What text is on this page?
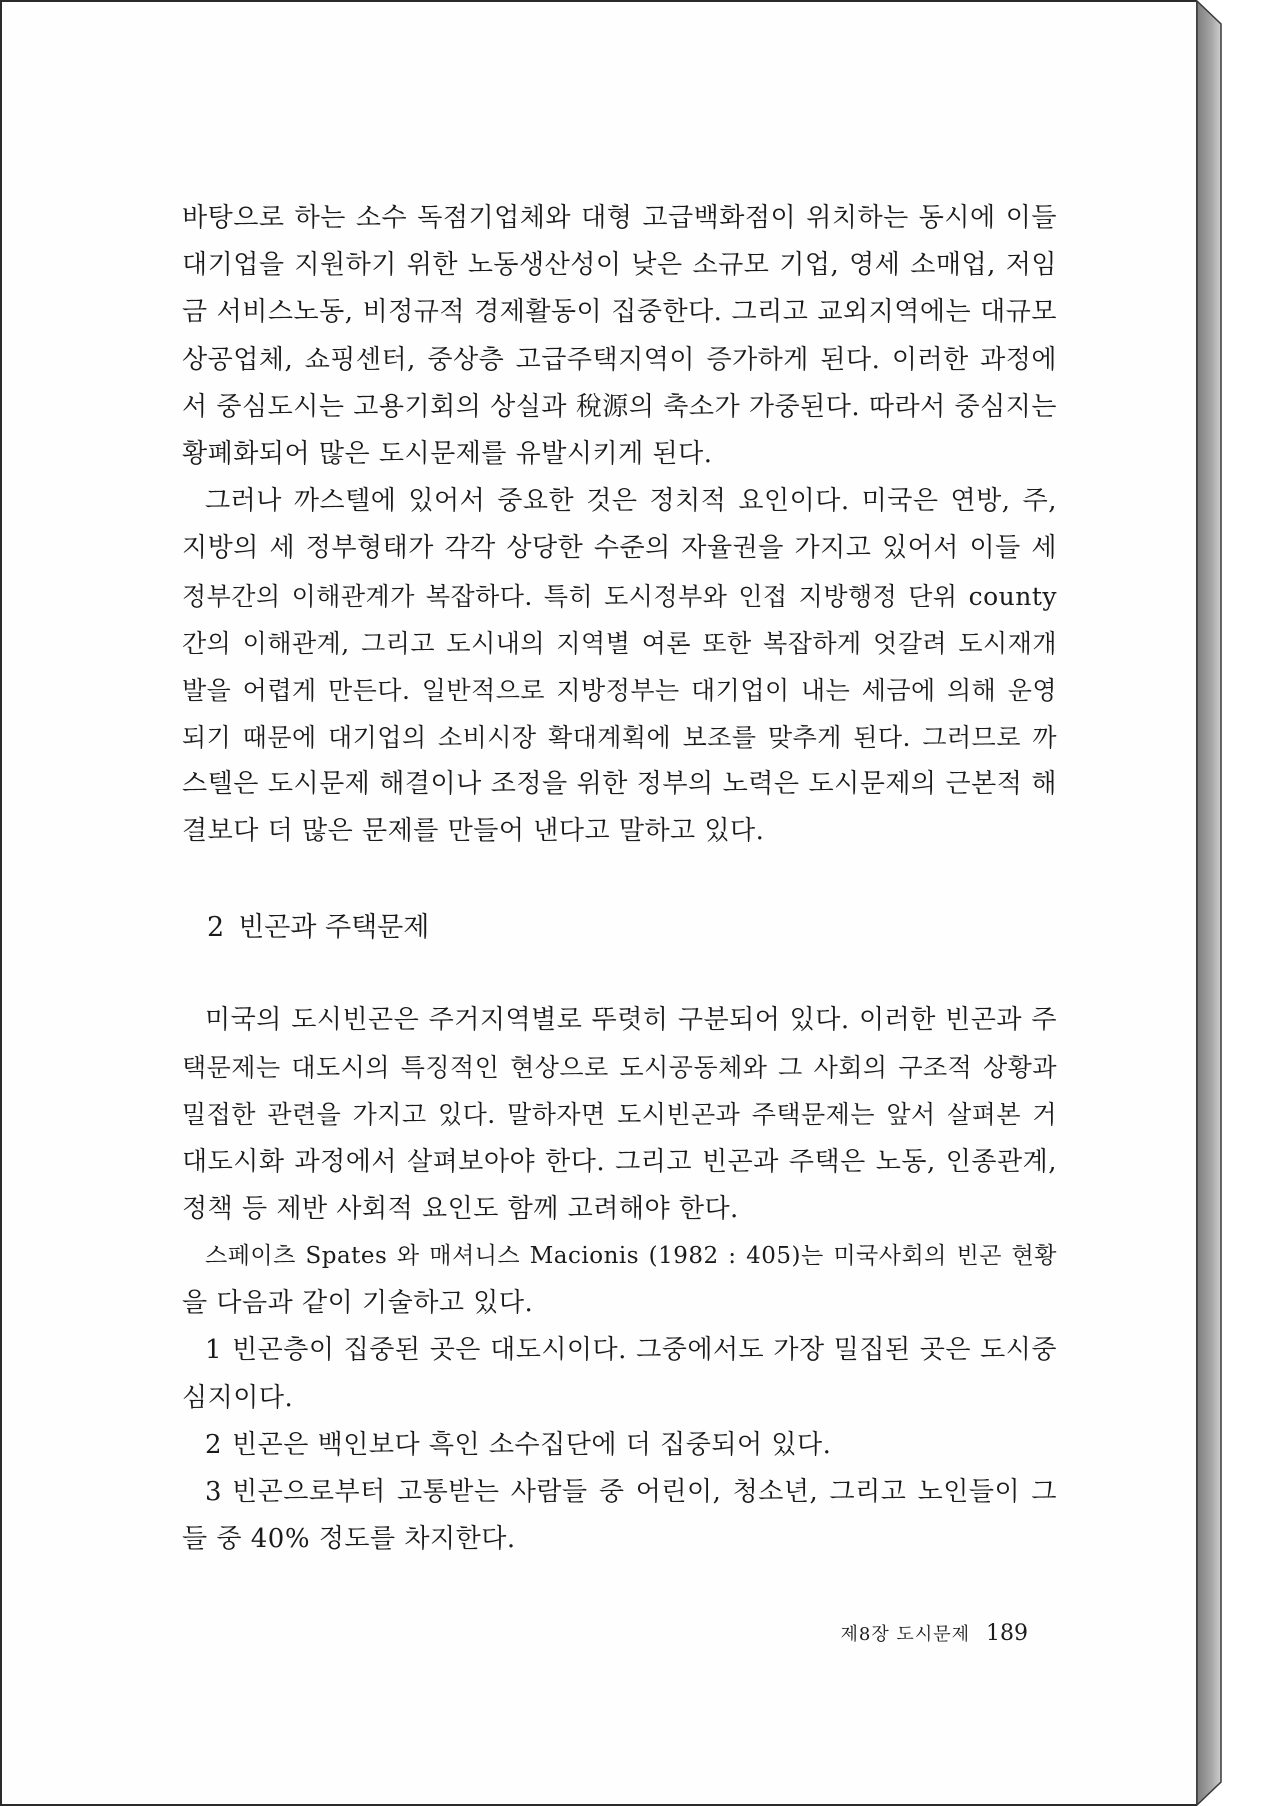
바탕으로 하는 소수 독점기업체와 대형 고급백화점이 위치하는 동시에 이들
대기업을 지원하기 위한 노동생산성이 낮은 소규모 기업, 영세 소매업, 저임
금 서비스노동, 비정규적 경제활동이 집중한다. 그리고 교외지역에는 대규모
상공업체, 쇼핑센터, 중상층 고급주택지역이 증가하게 된다. 이러한 과정에
서 중심도시는 고용기회의 상실과 稅源의 축소가 가중된다. 따라서 중심지는
황폐화되어 많은 도시문제를 유발시키게 된다.
그러나 까스텔에 있어서 중요한 것은 정치적 요인이다. 미국은 연방, 주,
지방의 세 정부형태가 각각 상당한 수준의 자율권을 가지고 있어서 이들 세
정부간의 이해관계가 복잡하다. 특히 도시정부와 인접 지방행정 단위 county
간의 이해관계, 그리고 도시내의 지역별 여론 또한 복잡하게 엇갈려 도시재개
발을 어렵게 만든다. 일반적으로 지방정부는 대기업이 내는 세금에 의해 운영
되기 때문에 대기업의 소비시장 확대계획에 보조를 맞추게 된다. 그러므로 까
스텔은 도시문제 해결이나 조정을 위한 정부의 노력은 도시문제의 근본적 해
결보다 더 많은 문제를 만들어 낸다고 말하고 있다.
2 빈곤과 주택문제
미국의 도시빈곤은 주거지역별로 뚜렷히 구분되어 있다. 이러한 빈곤과 주
택문제는 대도시의 특징적인 현상으로 도시공동체와 그 사회의 구조적 상황과
밀접한 관련을 가지고 있다. 말하자면 도시빈곤과 주택문제는 앞서 살펴본 거
대도시화 과정에서 살펴보아야 한다. 그리고 빈곤과 주택은 노동, 인종관계,
정책 등 제반 사회적 요인도 함께 고려해야 한다.
스페이츠 Spates 와 매셔니스 Macionis (1982 : 405)는 미국사회의 빈곤 현황
을 다음과 같이 기술하고 있다.
1 빈곤층이 집중된 곳은 대도시이다. 그중에서도 가장 밀집된 곳은 도시중
심지이다.
2 빈곤은 백인보다 흑인 소수집단에 더 집중되어 있다.
3 빈곤으로부터 고통받는 사람들 중 어린이, 청소년, 그리고 노인들이 그
들 중 40% 정도를 차지한다.
제8장 도시문제 189
